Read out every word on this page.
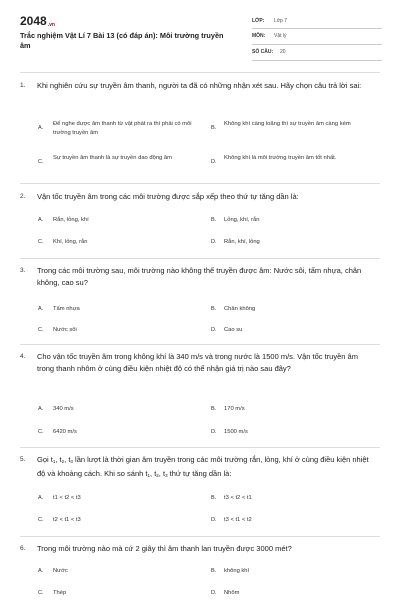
$2048_{.vn}$
Trắc nghiệm Vật Lí 7 Bài 13 (có đáp án): Môi trường truyền âm
LỚP: Lớp 7
MÔN: Vật lý
SỐ CÂU: 20
1. Khi nghiên cứu sự truyền âm thanh, người ta đã có những nhận xét sau. Hãy chọn câu trả lời sai:
A.
Để nghe được âm thanh từ vật phát ra thì phải có môi trường truyền âm
B.
Không khí càng loãng thì sự truyền âm càng kém
C.
Sự truyền âm thanh là sự truyền dao động âm
D.
Không khí là môi trường truyền âm tốt nhất.
2. Vận tốc truyền âm trong các môi trường được sắp xếp theo thứ tự tăng dần là:
A. Rắn, lỏng, khí	B. Lỏng, khí, rắn
C. Khí, lỏng, rắn	D. Rắn, khí, lỏng
3. Trong các môi trường sau, môi trường nào không thể truyền được âm: Nước sôi, tấm nhựa, chân không, cao su?
A. Tấm nhựa	B. Chân không
C. Nước sôi	D. Cao su
4. Cho vận tốc truyền âm trong không khí là 340 m/s và trong nước là 1500 m/s. Vận tốc truyền âm trong thanh nhôm ở cùng điều kiện nhiệt độ có thể nhận giá trị nào sau đây?
A. 340 m/s	B. 170 m/s
C. 6420 m/s	D. 1500 m/s
5. Gọi $t_1$, $t_2$, $t_3$ lần lượt là thời gian âm truyền trong các môi trường rắn, lỏng, khí ở cùng điều kiện nhiệt độ và khoảng cách. Khi so sánh $t_1$, $t_2$, $t_3$ thứ tự tăng dần là:
A. t1 < t2 < t3	B. t3 < t2 < t1
C. t2 < t1 < t3	D. t3 < t1 < t2
6. Trong môi trường nào mà cứ 2 giây thì âm thanh lan truyền được 3000 mét?
A. Nước	B. không khí
C. Thép	D. Nhôm
